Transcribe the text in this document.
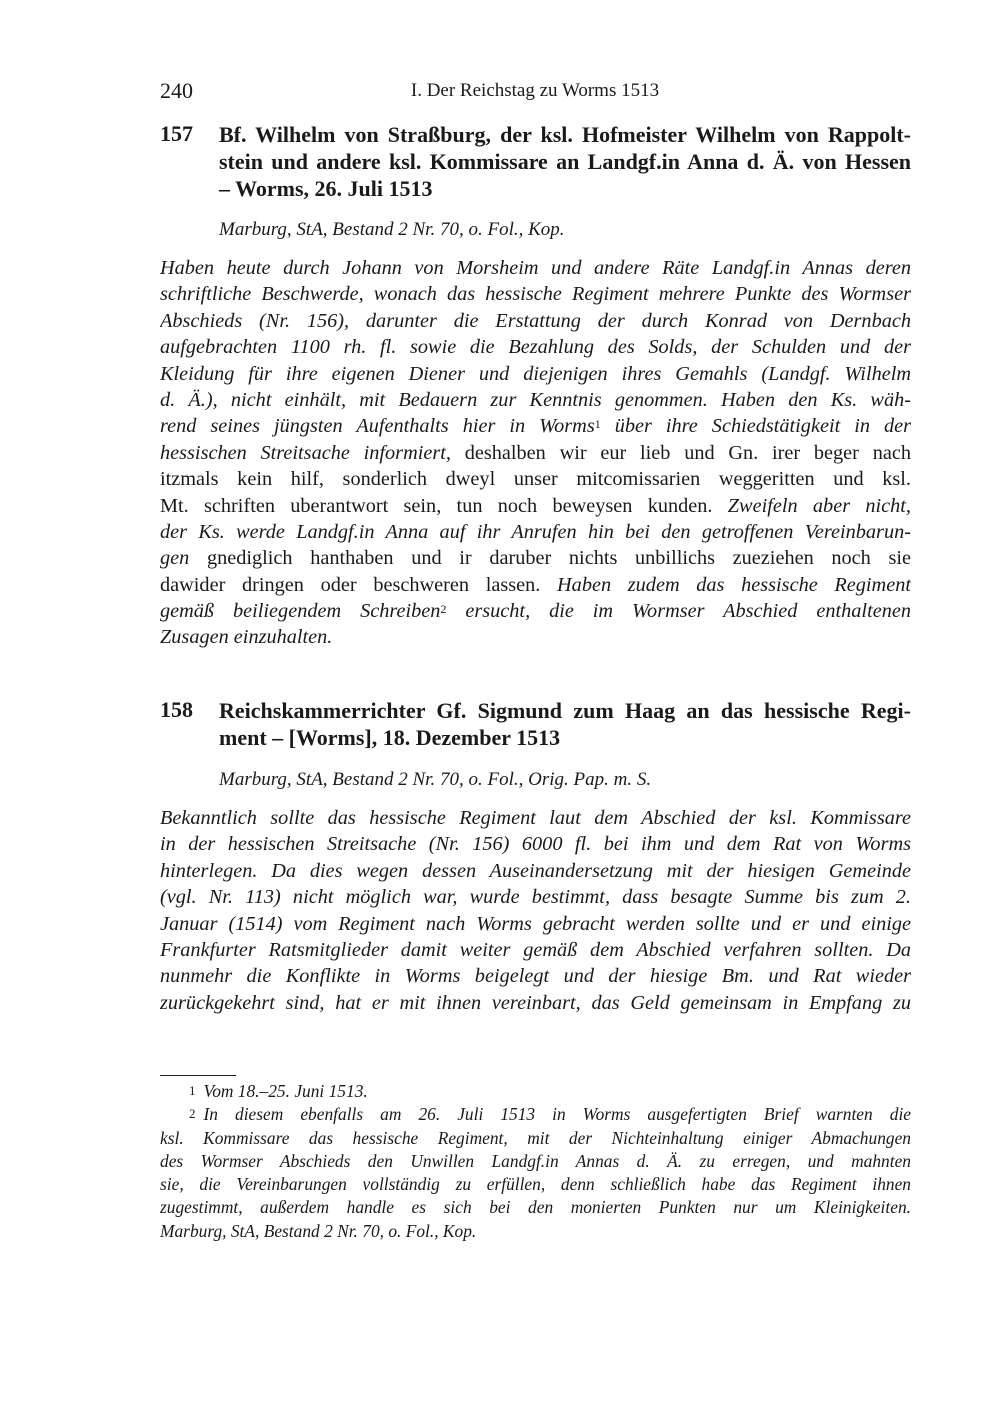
240	I. Der Reichstag zu Worms 1513
157 Bf. Wilhelm von Straßburg, der ksl. Hofmeister Wilhelm von Rappolt-
stein und andere ksl. Kommissare an Landgf.in Anna d. Ä. von Hessen
– Worms, 26. Juli 1513
Marburg, StA, Bestand 2 Nr. 70, o. Fol., Kop.
Haben heute durch Johann von Morsheim und andere Räte Landgf.in Annas deren
schriftliche Beschwerde, wonach das hessische Regiment mehrere Punkte des Wormser
Abschieds (Nr. 156), darunter die Erstattung der durch Konrad von Dernbach
aufgebrachten 1100 rh. fl. sowie die Bezahlung des Solds, der Schulden und der
Kleidung für ihre eigenen Diener und diejenigen ihres Gemahls (Landgf. Wilhelm
d. Ä.), nicht einhält, mit Bedauern zur Kenntnis genommen. Haben den Ks. wäh-
rend seines jüngsten Aufenthalts hier in Worms$^1$ über ihre Schiedstätigkeit in der
hessischen Streitsache informiert, deshalben wir eur lieb und Gn. irer beger nach
itzmals kein hilf, sonderlich dweyl unser mitcomissarien weggeritten und ksl.
Mt. schriften uberantwort sein, tun noch beweysen kunden. Zweifeln aber nicht,
der Ks. werde Landgf.in Anna auf ihr Anrufen hin bei den getroffenen Vereinbarun-
gen gnediglich hanthaben und ir daruber nichts unbillichs zueziehen noch sie
dawider dringen oder beschweren lassen. Haben zudem das hessische Regiment
gemäß beiliegendem Schreiben$^2$ ersucht, die im Wormser Abschied enthaltenen
Zusagen einzuhalten.
158 Reichskammerrichter Gf. Sigmund zum Haag an das hessische Regi-
ment – [Worms], 18. Dezember 1513
Marburg, StA, Bestand 2 Nr. 70, o. Fol., Orig. Pap. m. S.
Bekanntlich sollte das hessische Regiment laut dem Abschied der ksl. Kommissare
in der hessischen Streitsache (Nr. 156) 6000 fl. bei ihm und dem Rat von Worms
hinterlegen. Da dies wegen dessen Auseinandersetzung mit der hiesigen Gemeinde
(vgl. Nr. 113) nicht möglich war, wurde bestimmt, dass besagte Summe bis zum 2.
Januar (1514) vom Regiment nach Worms gebracht werden sollte und er und einige
Frankfurter Ratsmitglieder damit weiter gemäß dem Abschied verfahren sollten. Da
nunmehr die Konflikte in Worms beigelegt und der hiesige Bm. und Rat wieder
zurückgekehrt sind, hat er mit ihnen vereinbart, das Geld gemeinsam in Empfang zu
$^1$ Vom 18.–25. Juni 1513.
$^2$ In diesem ebenfalls am 26. Juli 1513 in Worms ausgefertigten Brief warnten die
ksl. Kommissare das hessische Regiment, mit der Nichteinhaltung einiger Abmachungen
des Wormser Abschieds den Unwillen Landgf.in Annas d. Ä. zu erregen, und mahnten
sie, die Vereinbarungen vollständig zu erfüllen, denn schließlich habe das Regiment ihnen
zugestimmt, außerdem handle es sich bei den monierten Punkten nur um Kleinigkeiten.
Marburg, StA, Bestand 2 Nr. 70, o. Fol., Kop.
